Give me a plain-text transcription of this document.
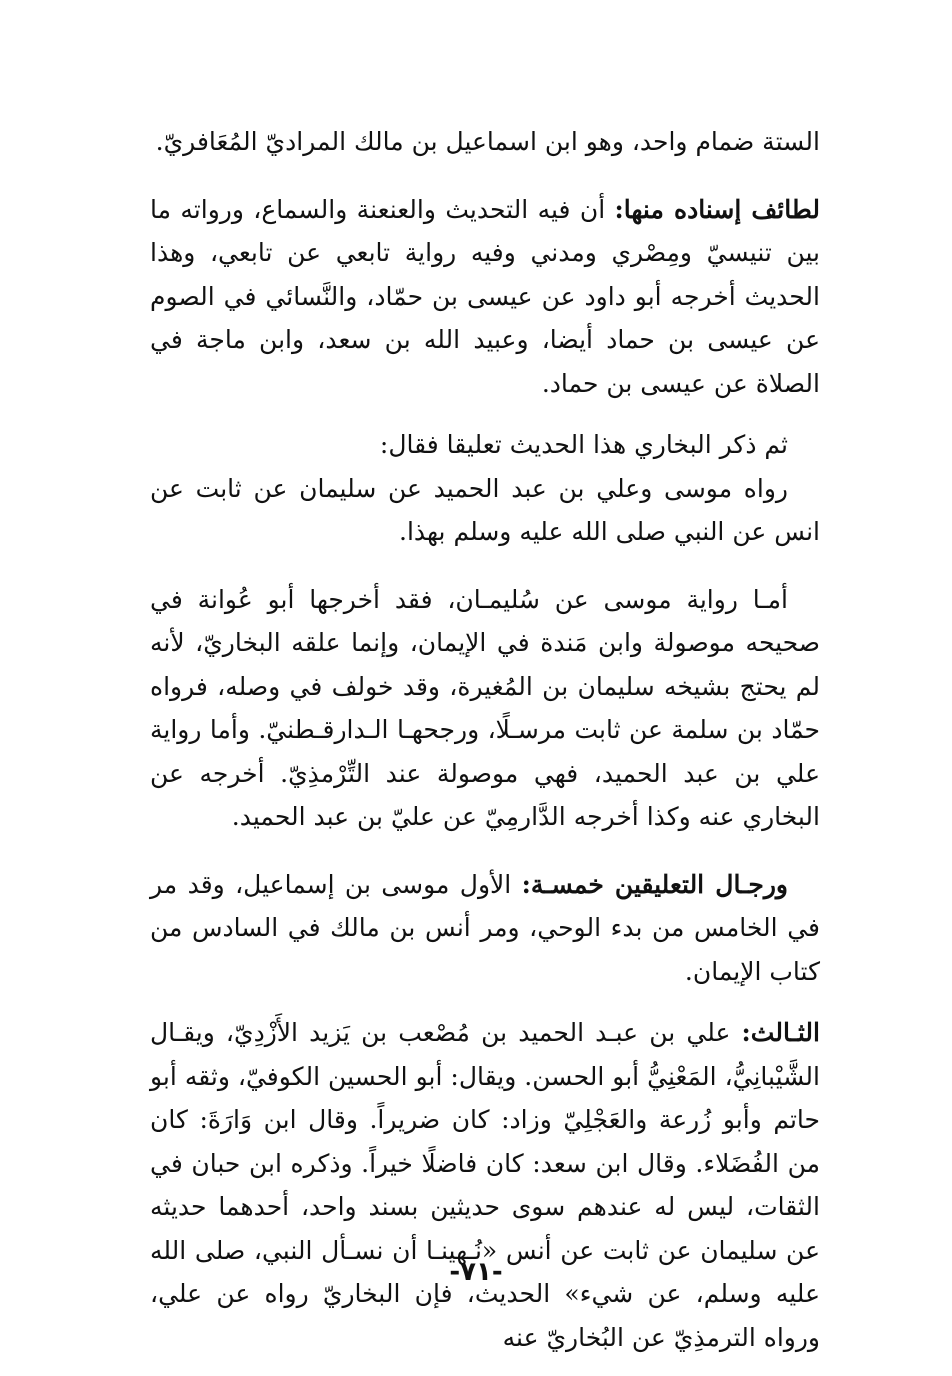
الستة ضمام واحد، وهو ابن اسماعيل بن مالك المراديّ المُعَافريّ.

لطائف إسناده منها: أن فيه التحديث والعنعنة والسماع، ورواته ما بين تنيسيّ ومِصْري ومدني وفيه رواية تابعي عن تابعي، وهذا الحديث أخرجه أبو داود عن عيسى بن حمّاد، والنَّسائي في الصوم عن عيسى بن حماد أيضا، وعبيد الله بن سعد، وابن ماجة في الصلاة عن عيسى بن حماد.

ثم ذكر البخاري هذا الحديث تعليقا فقال:

رواه موسى وعلي بن عبد الحميد عن سليمان عن ثابت عن انس عن النبي صلى الله عليه وسلم بهذا.

أمـا رواية موسى عن سُليمـان، فقد أخرجها أبو عُوانة في صحيحه موصولة وابن مَندة في الإيمان، وإنما علقه البخاريّ، لأنه لم يحتج بشيخه سليمان بن المُغيرة، وقد خولف في وصله، فرواه حمّاد بن سلمة عن ثابت مرسـلًا، ورجحهـا الـدارقـطنيّ. وأما رواية علي بن عبد الحميد، فهي موصولة عند التِّرْمذِيّ. أخرجه عن البخاري عنه وكذا أخرجه الدَّارمِيّ عن عليّ بن عبد الحميد.

ورجـال التعليقين خمسـة: الأول موسى بن إسماعيل، وقد مر في الخامس من بدء الوحي، ومر أنس بن مالك في السادس من كتاب الإيمان.

الثـالث: علي بن عبـد الحميد بن مُصْعب بن يَزيد الأَزْدِيّ، ويقـال الشَّيْبانِيُّ، المَعْنِيُّ أبو الحسن. ويقال: أبو الحسين الكوفيّ، وثقه أبو حاتم وأبو زُرعة والعَجْلِيّ وزاد: كان ضريراً. وقال ابن وَارَةَ: كان من الفُضَلاء. وقال ابن سعد: كان فاضلًا خيراً. وذكره ابن حبان في الثقات، ليس له عندهم سوى حديثين بسند واحد، أحدهما حديثه عن سليمان عن ثابت عن أنس «نُـهينـا أن نسـأل النبي، صلى الله عليه وسلم، عن شيء» الحديث، فإن البخاريّ رواه عن علي، ورواه الترمذِيّ عن البُخاريّ عنه

-٧١-
